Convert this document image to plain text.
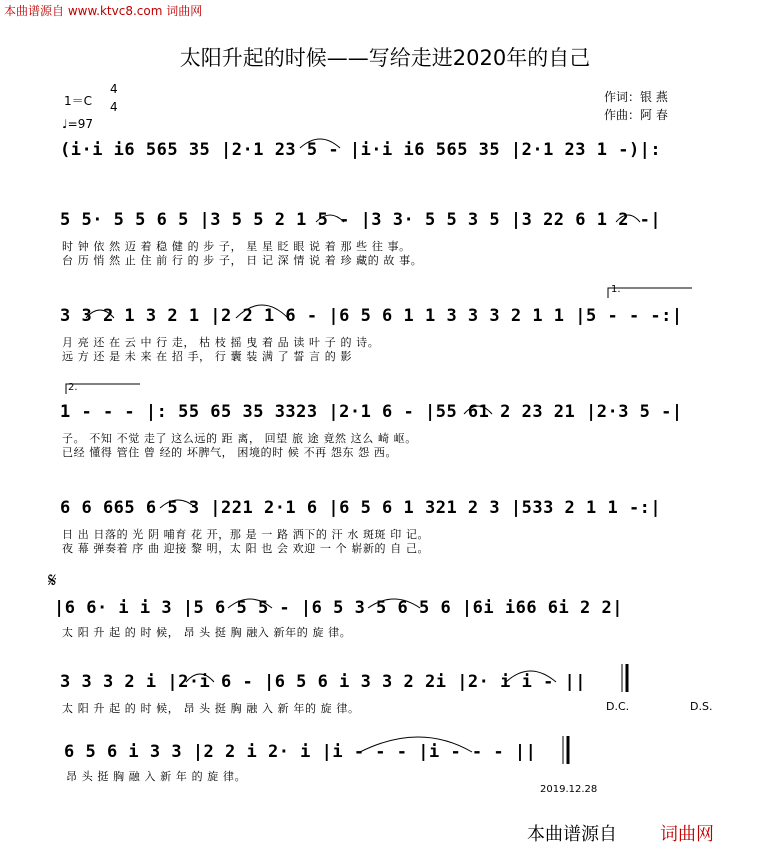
本曲谱源自 www.ktvc8.com 词曲网
太阳升起的时候——写给走进2020年的自己
1＝C
4
4
♩=97
作词：银 燕
作曲：阿 春
(i·i i6 565 35 |2·1 23 5 - |i·i i6 565 35 |2·1 23 1 -)|:
5 5· 5 5 6 5 |3 5 5 2 1 5 - |3 3· 5 5 3 5 |3 22 6 1 2 -|
时 钟 依 然 迈 着 稳 健 的 步 子， 星 星 眨 眼 说 着 那 些 往 事。
台 历 悄 然 止 住 前 行 的 步 子， 日 记 深 情 说 着 珍 藏的 故 事。
1.
3 3 2 1 3 2 1 |2 2 1 6 - |6 5 6 1 1 3 3 3 2 1 1 |5 - - -:|
月 亮 还 在 云 中 行 走， 枯 枝 摇 曳 着 品 读 叶 子 的 诗。
远 方 还 是 未 来 在 招 手， 行 囊 装 满 了 誓 言 的 影
2.
1 - - - |: 55 65 35 3323 |2·1 6 - |55 61 2 23 21 |2·3 5 -|
子。 不知 不觉 走了 这么远的 距 离， 回望 旅 途 竟然 这么 崎 岖。
已经 懂得 管住 曾 经的 坏脾气， 困境的时 候 不再 怨东 怨 西。
6 6 665 6 5 3 |221 2·1 6 |6 5 6 1 321 2 3 |533 2 1 1 -:|
日 出 日落的 光 阴 哺育 花 开，那 是 一 路 洒下的 汗 水 斑斑 印 记。
夜 幕 弹奏着 序 曲 迎接 黎 明，太 阳 也 会 欢迎 一 个 崭新的 自 己。
𝄋
|6 6· i i 3 |5 6 5 5 - |6 5 3 5 6 5 6 |6i i66 6i 2 2|
太 阳 升 起 的 时 候， 昂 头 挺 胸 融入 新年的 旋 律。
3 3 3 2 i |2·i 6 - |6 5 6 i 3 3 2 2i |2· i i - ||
太 阳 升 起 的 时 候， 昂 头 挺 胸 融 入 新 年的 旋 律。	D.C.	D.S.
6 5 6 i 3 3 |2 2 i 2· i |i - - - |i - - - ||
昂 头 挺 胸 融 入 新 年 的 旋 律。
2019.12.28
本曲谱源自 词曲网
